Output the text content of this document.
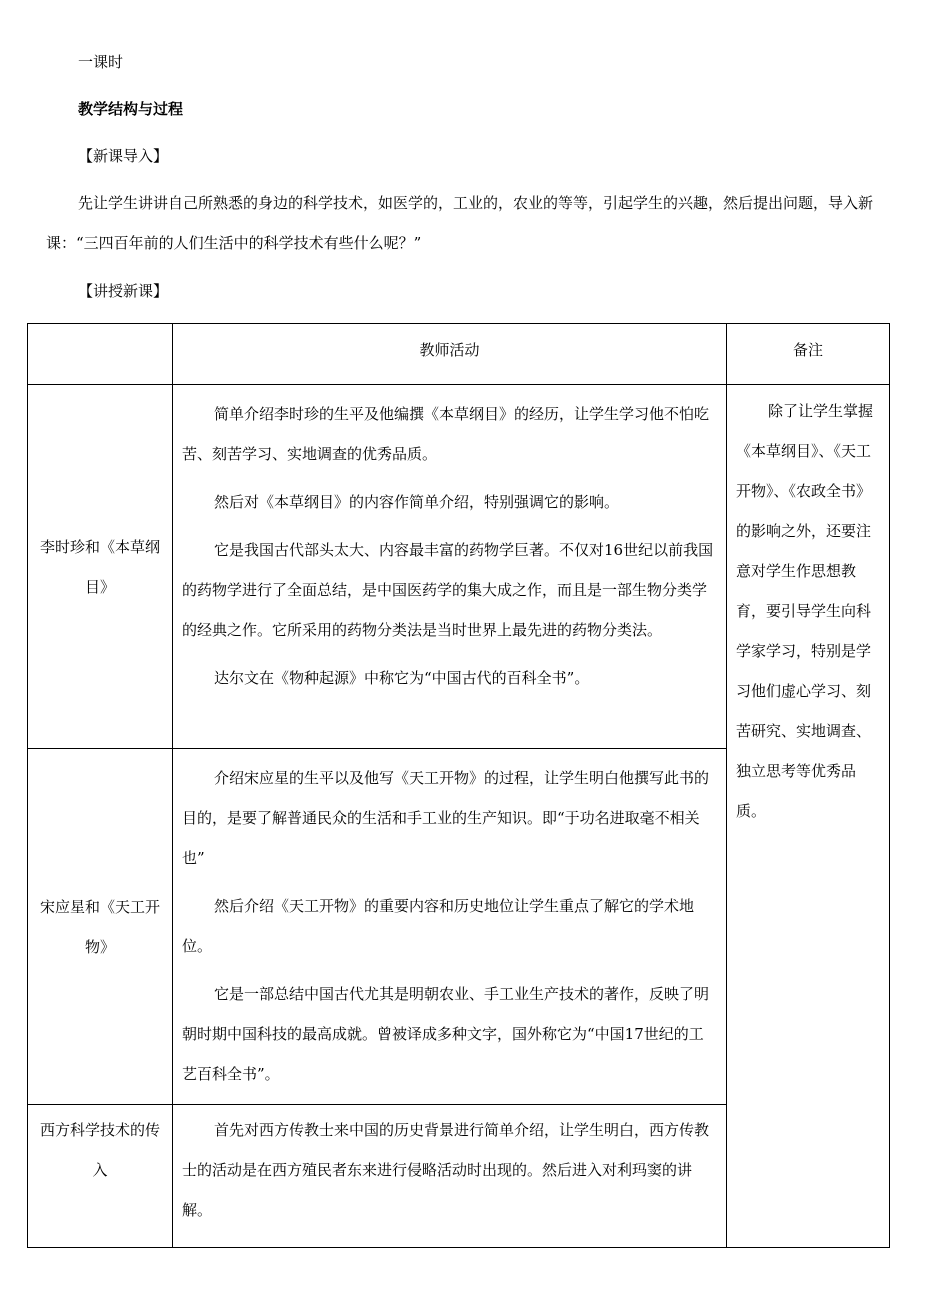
一课时

教学结构与过程

【新课导入】

先让学生讲讲自己所熟悉的身边的科学技术，如医学的，工业的，农业的等等，引起学生的兴趣，然后提出问题，导入新课：“三四百年前的人们生活中的科学技术有些什么呢？”

【讲授新课】

	教师活动	备注

李时珍和《本草纲目》	简单介绍李时珍的生平及他编撰《本草纲目》的经历，让学生学习他不怕吃苦、刻苦学习、实地调查的优秀品质。

然后对《本草纲目》的内容作简单介绍，特别强调它的影响。

它是我国古代部头太大、内容最丰富的药物学巨著。不仅对16世纪以前我国的药物学进行了全面总结，是中国医药学的集大成之作，而且是一部生物分类学的经典之作。它所采用的药物分类法是当时世界上最先进的药物分类法。

达尔文在《物种起源》中称它为“中国古代的百科全书”。	除了让学生掌握《本草纲目》、《天工开物》、《农政全书》的影响之外，还要注意对学生作思想教育，要引导学生向科学家学习，特别是学习他们虚心学习、刻苦研究、实地调查、独立思考等优秀品质。

宋应星和《天工开物》	介绍宋应星的生平以及他写《天工开物》的过程，让学生明白他撰写此书的目的，是要了解普通民众的生活和手工业的生产知识。即“于功名进取毫不相关也”

然后介绍《天工开物》的重要内容和历史地位让学生重点了解它的学术地位。

它是一部总结中国古代尤其是明朝农业、手工业生产技术的著作，反映了明朝时期中国科技的最高成就。曾被译成多种文字，国外称它为“中国17世纪的工艺百科全书”。	

西方科学技术的传入	首先对西方传教士来中国的历史背景进行简单介绍，让学生明白，西方传教士的活动是在西方殖民者东来进行侵略活动时出现的。然后进入对利玛窦的讲解。	
